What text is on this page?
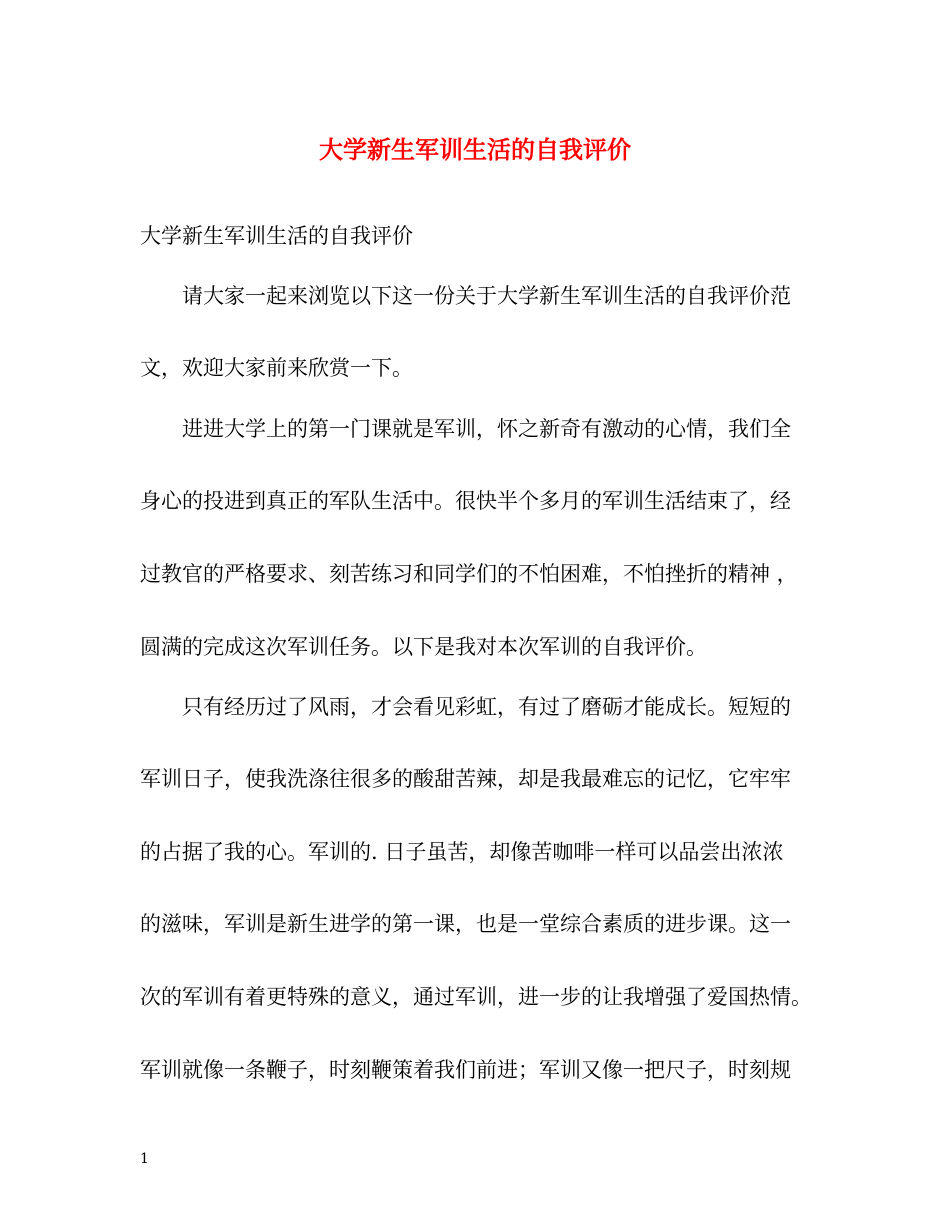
大学新生军训生活的自我评价
大学新生军训生活的自我评价
请大家一起来浏览以下这一份关于大学新生军训生活的自我评价范
文，欢迎大家前来欣赏一下。
进进大学上的第一门课就是军训，怀之新奇有激动的心情，我们全
身心的投进到真正的军队生活中。很快半个多月的军训生活结束了，经
过教官的严格要求、刻苦练习和同学们的不怕困难，不怕挫折的精神 ，
圆满的完成这次军训任务。以下是我对本次军训的自我评价。
只有经历过了风雨，才会看见彩虹，有过了磨砺才能成长。短短的
军训日子，使我洗涤往很多的酸甜苦辣，却是我最难忘的记忆，它牢牢
的占据了我的心。军训的. 日子虽苦，却像苦咖啡一样可以品尝出浓浓
的滋味，军训是新生进学的第一课，也是一堂综合素质的进步课。这一
次的军训有着更特殊的意义，通过军训，进一步的让我增强了爱国热情。
军训就像一条鞭子，时刻鞭策着我们前进；军训又像一把尺子，时刻规
1
